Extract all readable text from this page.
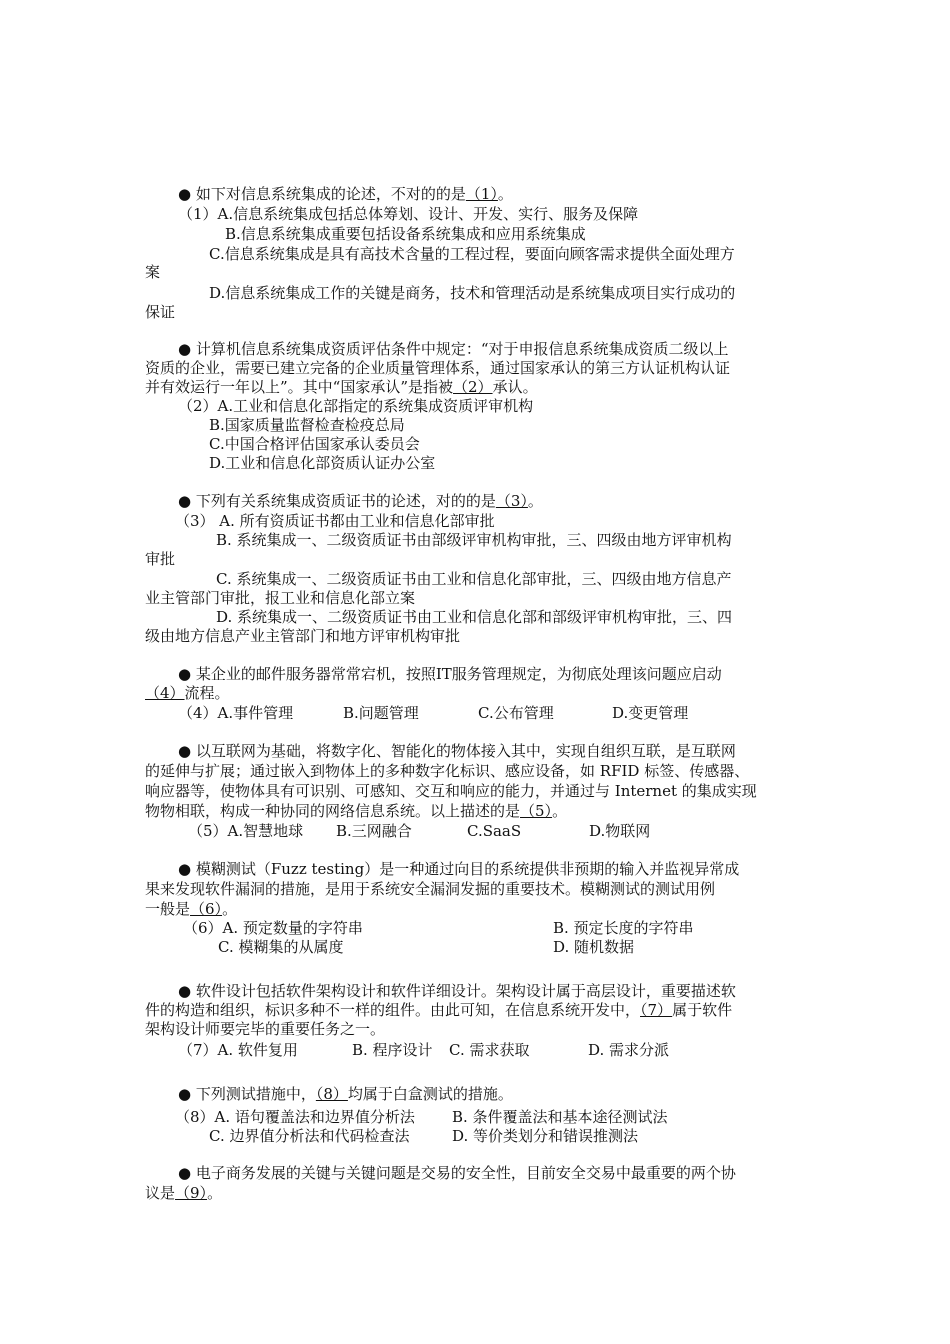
● 如下对信息系统集成的论述，不对的的是（1）。
（1）A.信息系统集成包括总体筹划、设计、开发、实行、服务及保障
B.信息系统集成重要包括设备系统集成和应用系统集成
C.信息系统集成是具有高技术含量的工程过程，要面向顾客需求提供全面处理方
案
D.信息系统集成工作的关键是商务，技术和管理活动是系统集成项目实行成功的
保证
● 计算机信息系统集成资质评估条件中规定：“对于申报信息系统集成资质二级以上
资质的企业，需要已建立完备的企业质量管理体系，通过国家承认的第三方认证机构认证
并有效运行一年以上”。其中“国家承认”是指被（2）承认。
（2）A.工业和信息化部指定的系统集成资质评审机构
B.国家质量监督检查检疫总局
C.中国合格评估国家承认委员会
D.工业和信息化部资质认证办公室
● 下列有关系统集成资质证书的论述，对的的是（3）。
（3） A. 所有资质证书都由工业和信息化部审批
B. 系统集成一、二级资质证书由部级评审机构审批，三、四级由地方评审机构
审批
C. 系统集成一、二级资质证书由工业和信息化部审批，三、四级由地方信息产
业主管部门审批，报工业和信息化部立案
D. 系统集成一、二级资质证书由工业和信息化部和部级评审机构审批，三、四
级由地方信息产业主管部门和地方评审机构审批
● 某企业的邮件服务器常常宕机，按照IT服务管理规定，为彻底处理该问题应启动
（4）流程。
（4）A.事件管理	B.问题管理	C.公布管理	D.变更管理
● 以互联网为基础，将数字化、智能化的物体接入其中，实现自组织互联，是互联网
的延伸与扩展；通过嵌入到物体上的多种数字化标识、感应设备，如 RFID 标签、传感器、
响应器等，使物体具有可识别、可感知、交互和响应的能力，并通过与 Internet 的集成实现
物物相联，构成一种协同的网络信息系统。以上描述的是（5）。
（5）A.智慧地球 B.三网融合	C.SaaS	D.物联网
● 模糊测试（Fuzz testing）是一种通过向目的系统提供非预期的输入并监视异常成
果来发现软件漏洞的措施，是用于系统安全漏洞发掘的重要技术。模糊测试的测试用例
一般是（6）。
（6）A. 预定数量的字符串	B. 预定长度的字符串
C. 模糊集的从属度	D. 随机数据
● 软件设计包括软件架构设计和软件详细设计。架构设计属于高层设计，重要描述软
件的构造和组织，标识多种不一样的组件。由此可知，在信息系统开发中，（7）属于软件
架构设计师要完毕的重要任务之一。
（7）A. 软件复用	B. 程序设计 C. 需求获取	D. 需求分派
● 下列测试措施中，（8）均属于白盒测试的措施。
（8）A. 语句覆盖法和边界值分析法 B. 条件覆盖法和基本途径测试法
C. 边界值分析法和代码检查法	D. 等价类划分和错误推测法
● 电子商务发展的关键与关键问题是交易的安全性，目前安全交易中最重要的两个协
议是（9）。
